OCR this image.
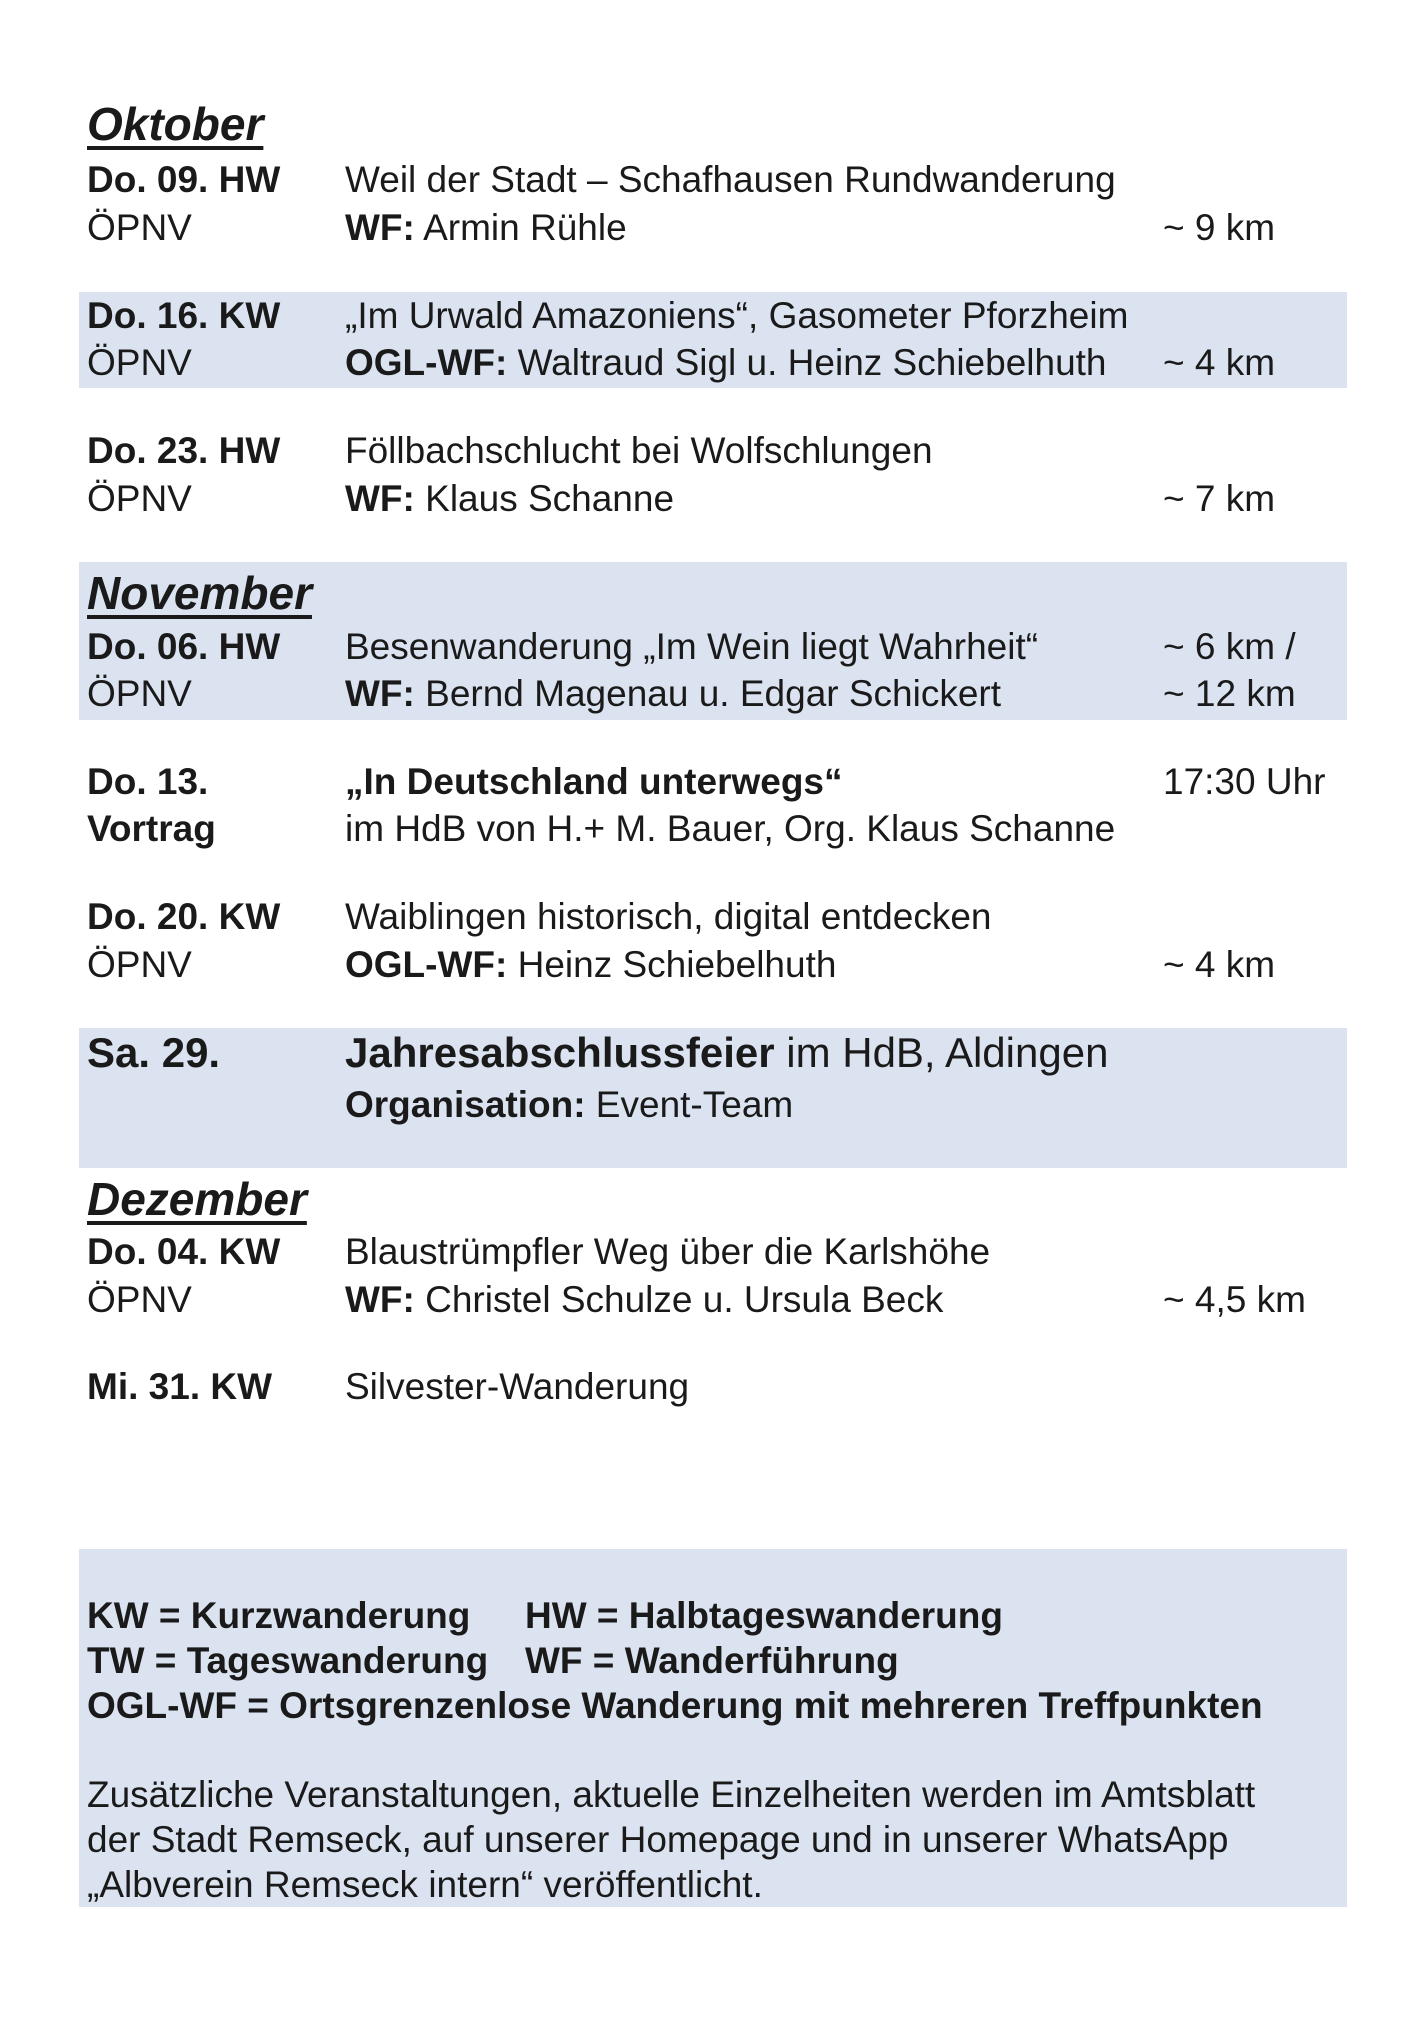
Oktober
Do. 09. HW Weil der Stadt – Schafhausen Rundwanderung
ÖPNV	WF: Armin Rühle	~ 9 km
Do. 16. KW „Im Urwald Amazoniens“, Gasometer Pforzheim
ÖPNV	OGL-WF: Waltraud Sigl u. Heinz Schiebelhuth ~ 4 km
Do. 23. HW Föllbachschlucht bei Wolfschlungen
ÖPNV	WF: Klaus Schanne	~ 7 km
November
Do. 06. HW Besenwanderung „Im Wein liegt Wahrheit“	~ 6 km /
ÖPNV	WF: Bernd Magenau u. Edgar Schickert	~ 12 km
Do. 13.	„In Deutschland unterwegs“	17:30 Uhr
Vortrag	im HdB von H.+ M. Bauer, Org. Klaus Schanne
Do. 20. KW Waiblingen historisch, digital entdecken
ÖPNV	OGL-WF: Heinz Schiebelhuth	~ 4 km
Sa. 29.	Jahresabschlussfeier im HdB, Aldingen
Organisation: Event-Team
Dezember
Do. 04. KW Blaustrümpfler Weg über die Karlshöhe
ÖPNV	WF: Christel Schulze u. Ursula Beck	~ 4,5 km
Mi. 31. KW Silvester-Wanderung
KW = Kurzwanderung HW = Halbtageswanderung
TW = Tageswanderung WF = Wanderführung
OGL-WF = Ortsgrenzenlose Wanderung mit mehreren Treffpunkten
Zusätzliche Veranstaltungen, aktuelle Einzelheiten werden im Amtsblatt
der Stadt Remseck, auf unserer Homepage und in unserer WhatsApp
„Albverein Remseck intern“ veröffentlicht.
